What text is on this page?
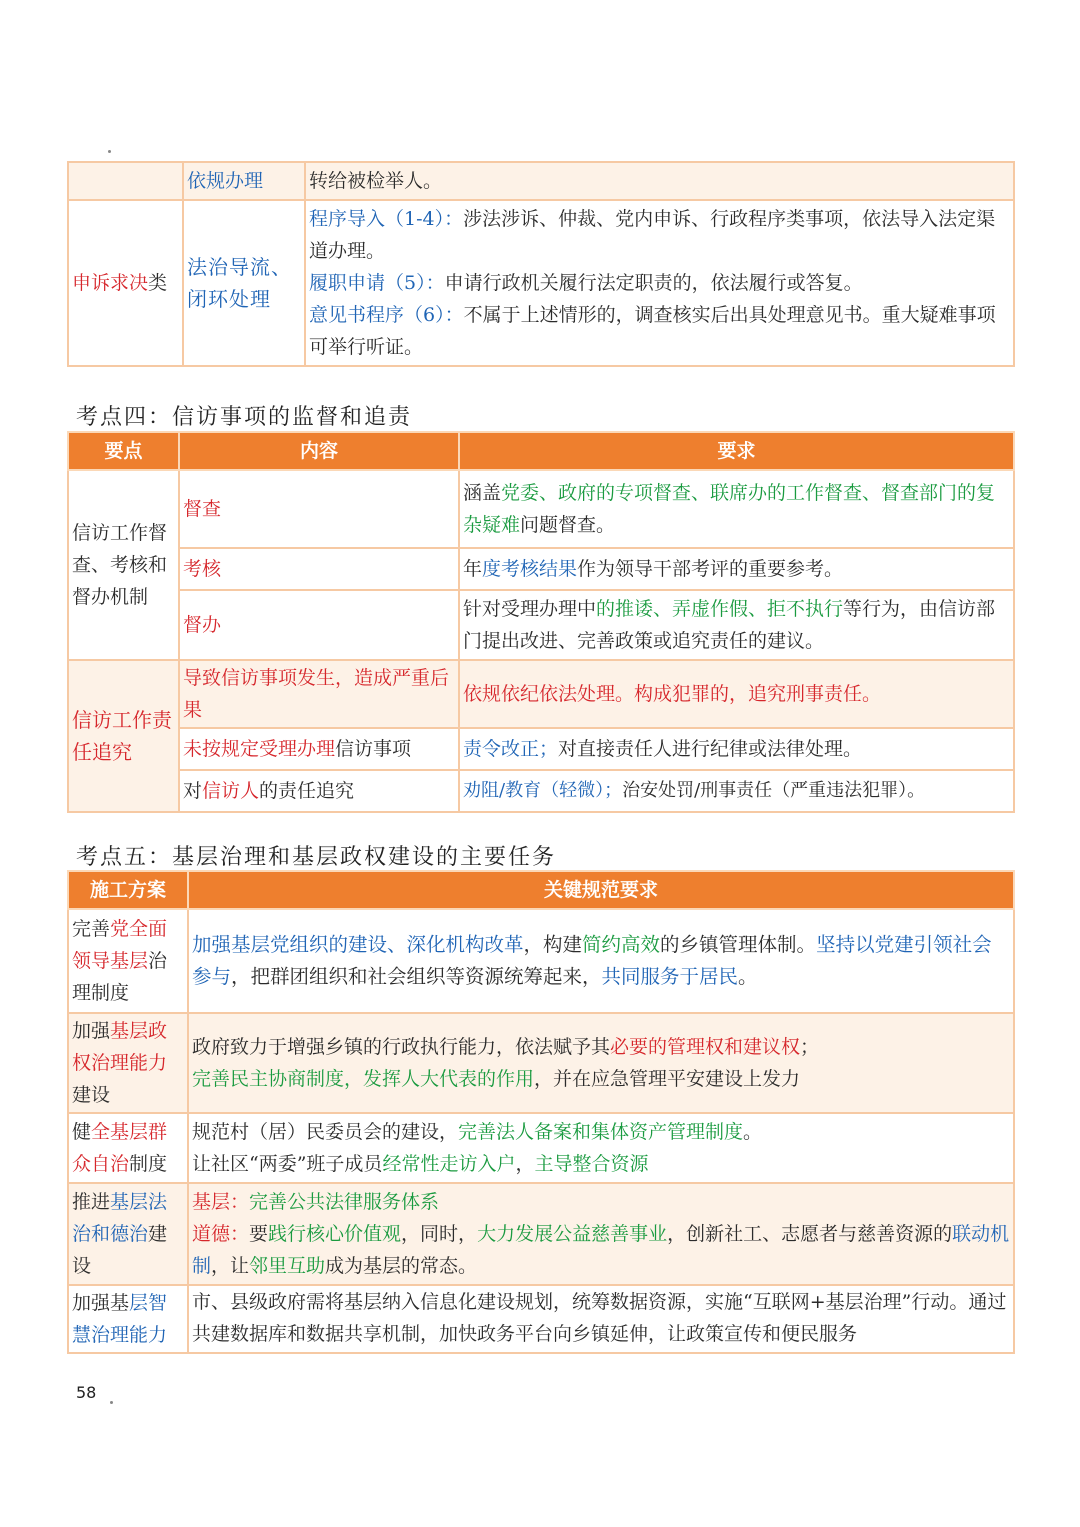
	依规办理	转给被检举人。
申诉求决类	法治导流、闭环处理	程序导入（1-4）：涉法涉诉、仲裁、党内申诉、行政程序类事项，依法导入法定渠道办理。
履职申请（5）：申请行政机关履行法定职责的，依法履行或答复。
意见书程序（6）：不属于上述情形的，调查核实后出具处理意见书。重大疑难事项可举行听证。
考点四：信访事项的监督和追责
要点	内容	要求
信访工作督查、考核和督办机制	督查	涵盖党委、政府的专项督查、联席办的工作督查、督查部门的复杂疑难问题督查。
	考核	年度考核结果作为领导干部考评的重要参考。
	督办	针对受理办理中的推诿、弄虚作假、拒不执行等行为，由信访部门提出改进、完善政策或追究责任的建议。
信访工作责任追究	导致信访事项发生，造成严重后果	依规依纪依法处理。构成犯罪的，追究刑事责任。
	未按规定受理办理信访事项	责令改正；对直接责任人进行纪律或法律处理。
	对信访人的责任追究	劝阻/教育（轻微）；治安处罚/刑事责任（严重违法犯罪）。
考点五：基层治理和基层政权建设的主要任务
施工方案	关键规范要求
完善党全面领导基层治理制度	加强基层党组织的建设、深化机构改革，构建简约高效的乡镇管理体制。坚持以党建引领社会参与，把群团组织和社会组织等资源统筹起来，共同服务于居民。
加强基层政权治理能力建设	政府致力于增强乡镇的行政执行能力，依法赋予其必要的管理权和建议权；完善民主协商制度，发挥人大代表的作用，并在应急管理平安建设上发力
健全基层群众自治制度	规范村（居）民委员会的建设，完善法人备案和集体资产管理制度。
让社区“两委”班子成员经常性走访入户，主导整合资源

推进基层法治和德治建设	基层：完善公共法律服务体系
道德：要践行核心价值观，同时，大力发展公益慈善事业，创新社工、志愿者与慈善资源的联动机制，让邻里互助成为基层的常态。

加强基层智慧治理能力	市、县级政府需将基层纳入信息化建设规划，统筹数据资源，实施“互联网+基层治理”行动。通过共建数据库和数据共享机制，加快政务平台向乡镇延伸，让政策宣传和便民服务
58
